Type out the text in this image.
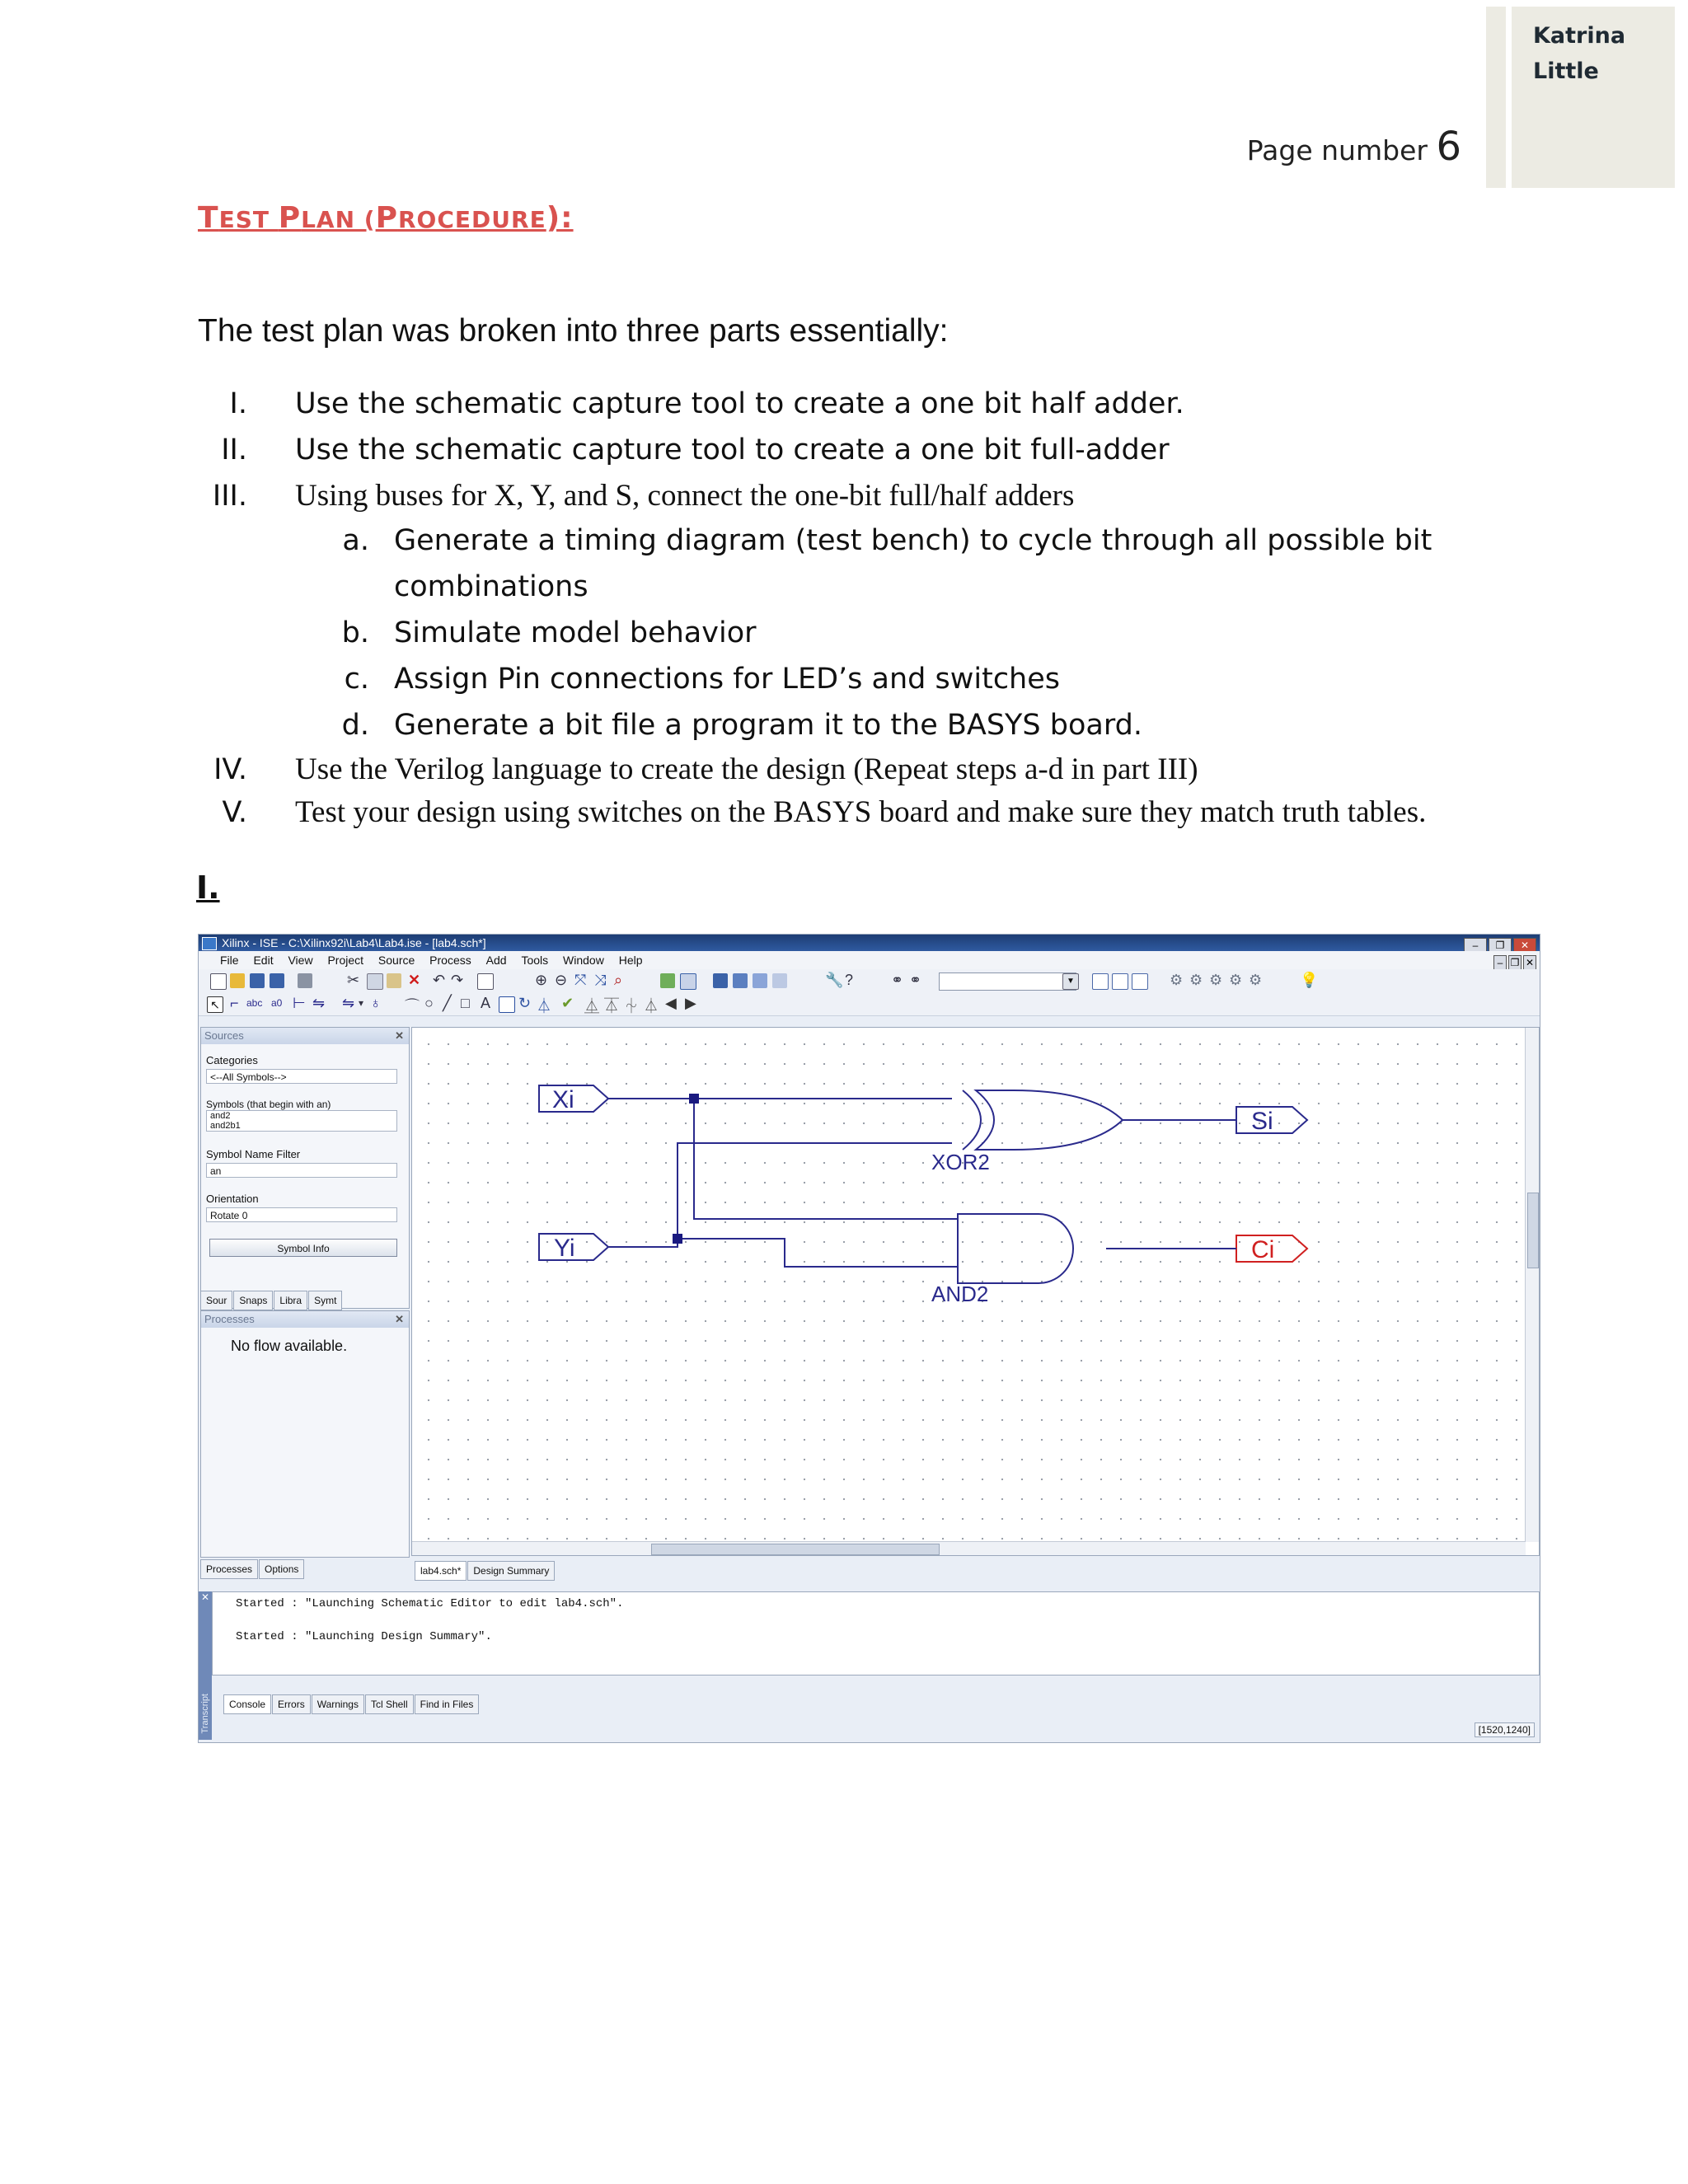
Katrina
Little
Page number 6
TEST PLAN (PROCEDURE):
The test plan was broken into three parts essentially:
I. Use the schematic capture tool to create a one bit half adder.
II. Use the schematic capture tool to create a one bit full-adder
III. Using buses for X, Y, and S, connect the one-bit full/half adders
a. Generate a timing diagram (test bench) to cycle through all possible bit
combinations
b. Simulate model behavior
c. Assign Pin connections for LED’s and switches
d. Generate a bit file a program it to the BASYS board.
IV. Use the Verilog language to create the design (Repeat steps a-d in part III)
V. Test your design using switches on the BASYS board and make sure they match truth tables.
I.
Xilinx - ISE - C:\Xilinx92i\Lab4\Lab4.ise - [lab4.sch*]	– ❐ ✕
File Edit View Project Source Process Add Tools Window Help	– ❐ ✕
✂	✕ ↶ ↷	⊕ ⊖ ⤧ ⤨ ⌕	🔧 ?	⚭ ⚭	▼	⚙ ⚙ ⚙ ⚙ ⚙	💡
↖ ⌐ abc a0 ⊢ ⇋ ⇋ ▾ ♁ ⌒ ○ ╱ □ A ↻ ⏃ ✔ ⏅ ⏄ ⏆ ⏃ ◀ ▶
Sources	✕
Categories
<--All Symbols-->
Symbols (that begin with an)
and2
and2b1
Symbol Name Filter
an
Orientation
Rotate 0
Symbol Info
Sour Snaps Libra Symt
Processes	✕
No flow available.
Processes Options
Xi
Yi
Si
Ci
XOR2
AND2
lab4.sch* Design Summary
✕
Transcript
Started : "Launching Schematic Editor to edit lab4.sch".
Started : "Launching Design Summary".
Console Errors Warnings Tcl Shell Find in Files
[1520,1240]
